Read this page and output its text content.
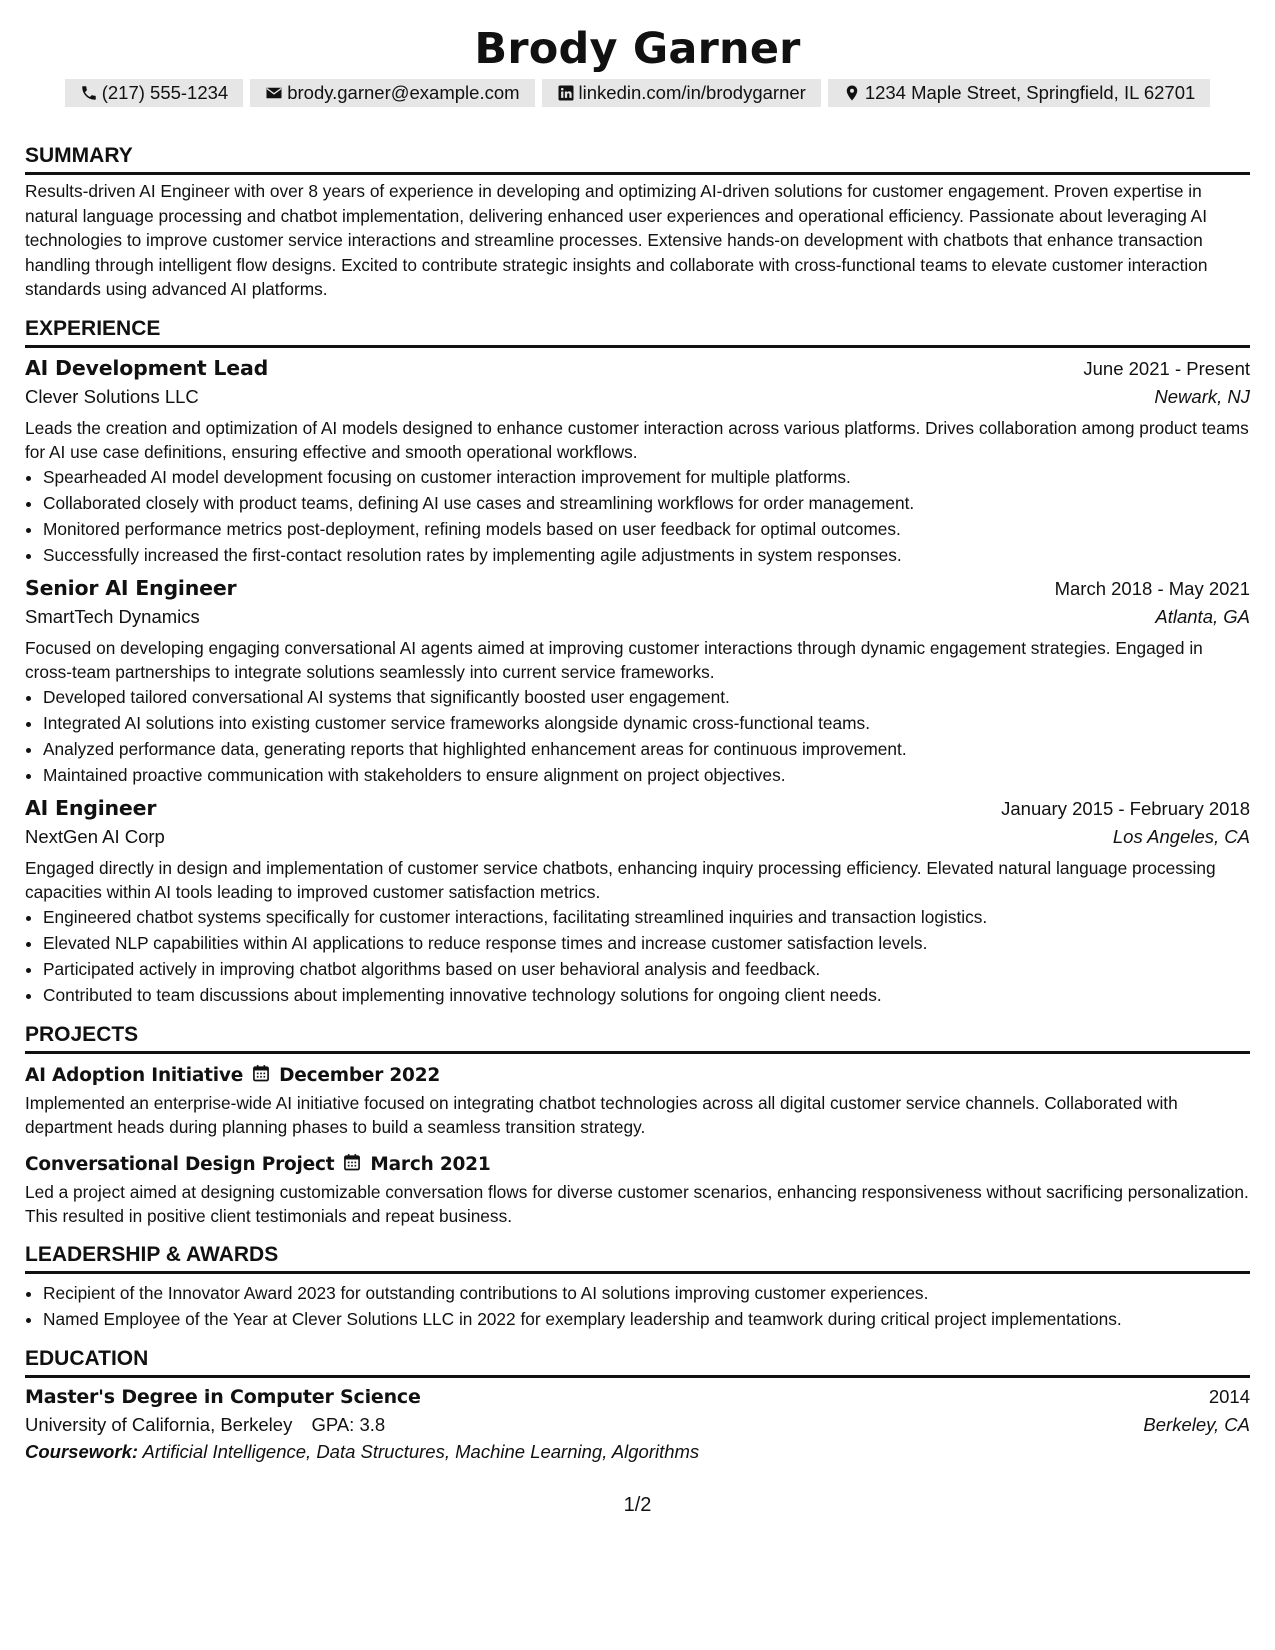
Brody Garner
(217) 555-1234	brody.garner@example.com	linkedin.com/in/brodygarner	1234 Maple Street, Springfield, IL 62701
SUMMARY

Results-driven AI Engineer with over 8 years of experience in developing and optimizing AI-driven solutions for customer engagement. Proven expertise in natural language processing and chatbot implementation, delivering enhanced user experiences and operational efficiency. Passionate about leveraging AI technologies to improve customer service interactions and streamline processes. Extensive hands-on development with chatbots that enhance transaction handling through intelligent flow designs. Excited to contribute strategic insights and collaborate with cross-functional teams to elevate customer interaction standards using advanced AI platforms.

EXPERIENCE
AI Development Lead	June 2021 - Present
Clever Solutions LLC	Newark, NJ
Leads the creation and optimization of AI models designed to enhance customer interaction across various platforms. Drives collaboration among product teams for AI use case definitions, ensuring effective and smooth operational workflows.
• Spearheaded AI model development focusing on customer interaction improvement for multiple platforms.
• Collaborated closely with product teams, defining AI use cases and streamlining workflows for order management.
• Monitored performance metrics post-deployment, refining models based on user feedback for optimal outcomes.
• Successfully increased the first-contact resolution rates by implementing agile adjustments in system responses.
Senior AI Engineer	March 2018 - May 2021
SmartTech Dynamics	Atlanta, GA
Focused on developing engaging conversational AI agents aimed at improving customer interactions through dynamic engagement strategies. Engaged in cross-team partnerships to integrate solutions seamlessly into current service frameworks.
• Developed tailored conversational AI systems that significantly boosted user engagement.
• Integrated AI solutions into existing customer service frameworks alongside dynamic cross-functional teams.
• Analyzed performance data, generating reports that highlighted enhancement areas for continuous improvement.
• Maintained proactive communication with stakeholders to ensure alignment on project objectives.
AI Engineer	January 2015 - February 2018
NextGen AI Corp	Los Angeles, CA
Engaged directly in design and implementation of customer service chatbots, enhancing inquiry processing efficiency. Elevated natural language processing capacities within AI tools leading to improved customer satisfaction metrics.
• Engineered chatbot systems specifically for customer interactions, facilitating streamlined inquiries and transaction logistics.
• Elevated NLP capabilities within AI applications to reduce response times and increase customer satisfaction levels.
• Participated actively in improving chatbot algorithms based on user behavioral analysis and feedback.
• Contributed to team discussions about implementing innovative technology solutions for ongoing client needs.
PROJECTS
AI Adoption Initiative December 2022
Implemented an enterprise-wide AI initiative focused on integrating chatbot technologies across all digital customer service channels. Collaborated with department heads during planning phases to build a seamless transition strategy.
Conversational Design Project March 2021
Led a project aimed at designing customizable conversation flows for diverse customer scenarios, enhancing responsiveness without sacrificing personalization. This resulted in positive client testimonials and repeat business.
LEADERSHIP & AWARDS
• Recipient of the Innovator Award 2023 for outstanding contributions to AI solutions improving customer experiences.
• Named Employee of the Year at Clever Solutions LLC in 2022 for exemplary leadership and teamwork during critical project implementations.
EDUCATION
Master's Degree in Computer Science	2014
University of California, Berkeley GPA: 3.8	Berkeley, CA
Coursework: Artificial Intelligence, Data Structures, Machine Learning, Algorithms
1/2
